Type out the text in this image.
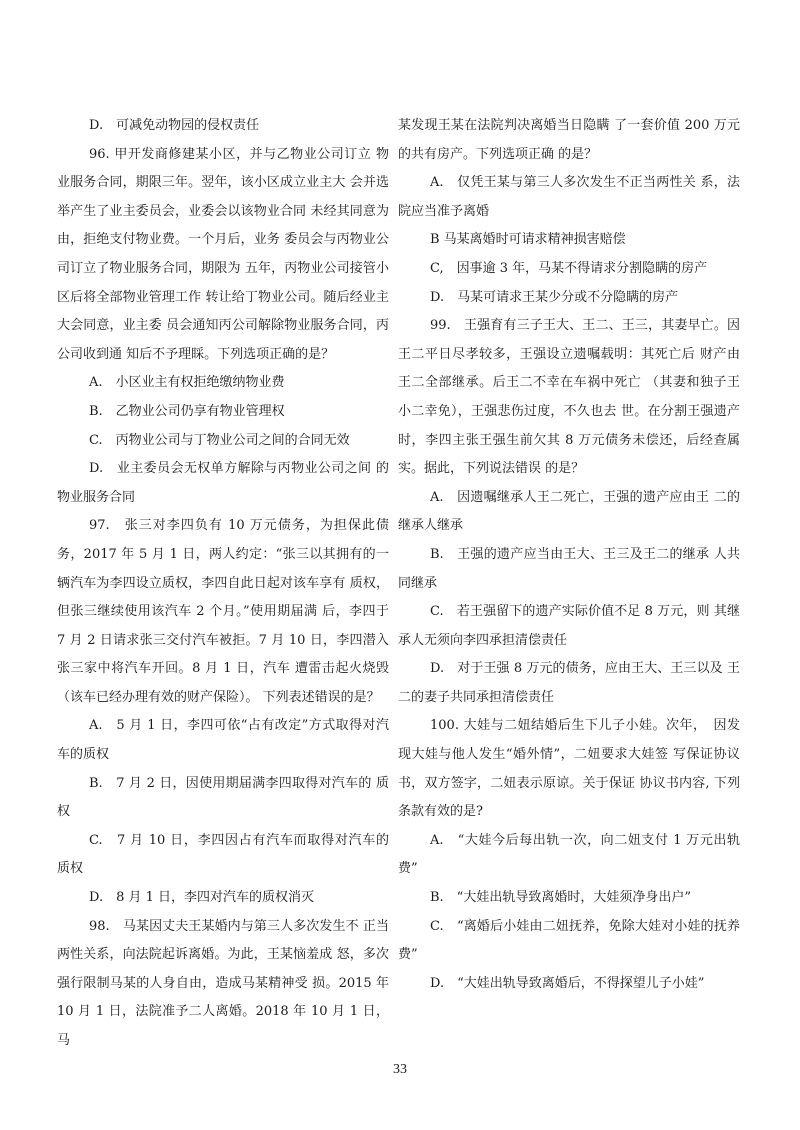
D.　可减免动物园的侵权责任

96. 甲开发商修建某小区，并与乙物业公司订立 物业服务合同，期限三年。翌年，该小区成立业主大 会并选举产生了业主委员会，业委会以该物业合同 未经其同意为由，拒绝支付物业费。一个月后，业务 委员会与丙物业公司订立了物业服务合同，期限为 五年，丙物业公司接管小区后将全部物业管理工作 转让给丁物业公司。随后经业主大会同意，业主委 员会通知丙公司解除物业服务合同，丙公司收到通 知后不予理睬。下列选项正确的是？

A.　小区业主有权拒绝缴纳物业费

B.　乙物业公司仍享有物业管理权

C.　丙物业公司与丁物业公司之间的合同无效

D.　业主委员会无权单方解除与丙物业公司之间 的物业服务合同

97.　张三对李四负有 10 万元债务，为担保此债 务，2017 年 5 月 1 日，两人约定：“张三以其拥有的一 辆汽车为李四设立质权，李四自此日起对该车享有 质权，但张三继续使用该汽车 2 个月。”使用期届满 后，李四于 7 月 2 日请求张三交付汽车被拒。7 月 10 日，李四潜入张三家中将汽车开回。8 月 1 日，汽车 遭雷击起火烧毁（该车已经办理有效的财产保险）。 下列表述错误的是？

A.　5 月 1 日，李四可依“占有改定”方式取得对汽车的质权

B.　7 月 2 日，因使用期届满李四取得对汽车的 质权

C.　7 月 10 日，李四因占有汽车而取得对汽车的 质权

D.　8 月 1 日，李四对汽车的质权消灭

98.　马某因丈夫王某婚内与第三人多次发生不 正当两性关系，向法院起诉离婚。为此，王某恼羞成 怒，多次强行限制马某的人身自由，造成马某精神受 损。2015 年 10 月 1 日，法院准予二人离婚。2018 年 10 月 1 日，马

某发现王某在法院判决离婚当日隐瞒 了一套价值 200 万元的共有房产。下列选项正确 的是？

A.　仅凭王某与第三人多次发生不正当两性关 系，法院应当准予离婚

B 马某离婚时可请求精神损害赔偿

C,　因事逾 3 年，马某不得请求分割隐瞒的房产

D.　马某可请求王某少分或不分隐瞒的房产

99.　王强育有三子王大、王二、王三，其妻早亡。因王二平日尽孝较多，王强设立遗嘱载明：其死亡后 财产由王二全部继承。后王二不幸在车祸中死亡 （其妻和独子王小二幸免），王强悲伤过度，不久也去 世。在分割王强遗产时，李四主张王强生前欠其 8 万元债务未偿还，后经查属实。据此，下列说法错误 的是？

A.　因遗嘱继承人王二死亡，王强的遗产应由王 二的继承人继承

B.　王强的遗产应当由王大、王三及王二的继承 人共同继承

C.　若王强留下的遗产实际价值不足 8 万元，则 其继承人无须向李四承担清偿责任

D.　对于王强 8 万元的债务，应由王大、王三以及 王二的妻子共同承担清偿责任

100. 大娃与二妞结婚后生下儿子小娃。次年，　因发现大娃与他人发生“婚外情”，二妞要求大娃签 写保证协议书，双方签字，二妞表示原谅。关于保证 协议书内容, 下列条款有效的是?

A.　“大娃今后每出轨一次，向二妞支付 1 万元出轨费”

B.　“大娃出轨导致离婚时，大娃须净身出户”

C.　“离婚后小娃由二妞抚养，免除大娃对小娃的抚养费”

D.　“大娃出轨导致离婚后，不得探望儿子小娃”

33
